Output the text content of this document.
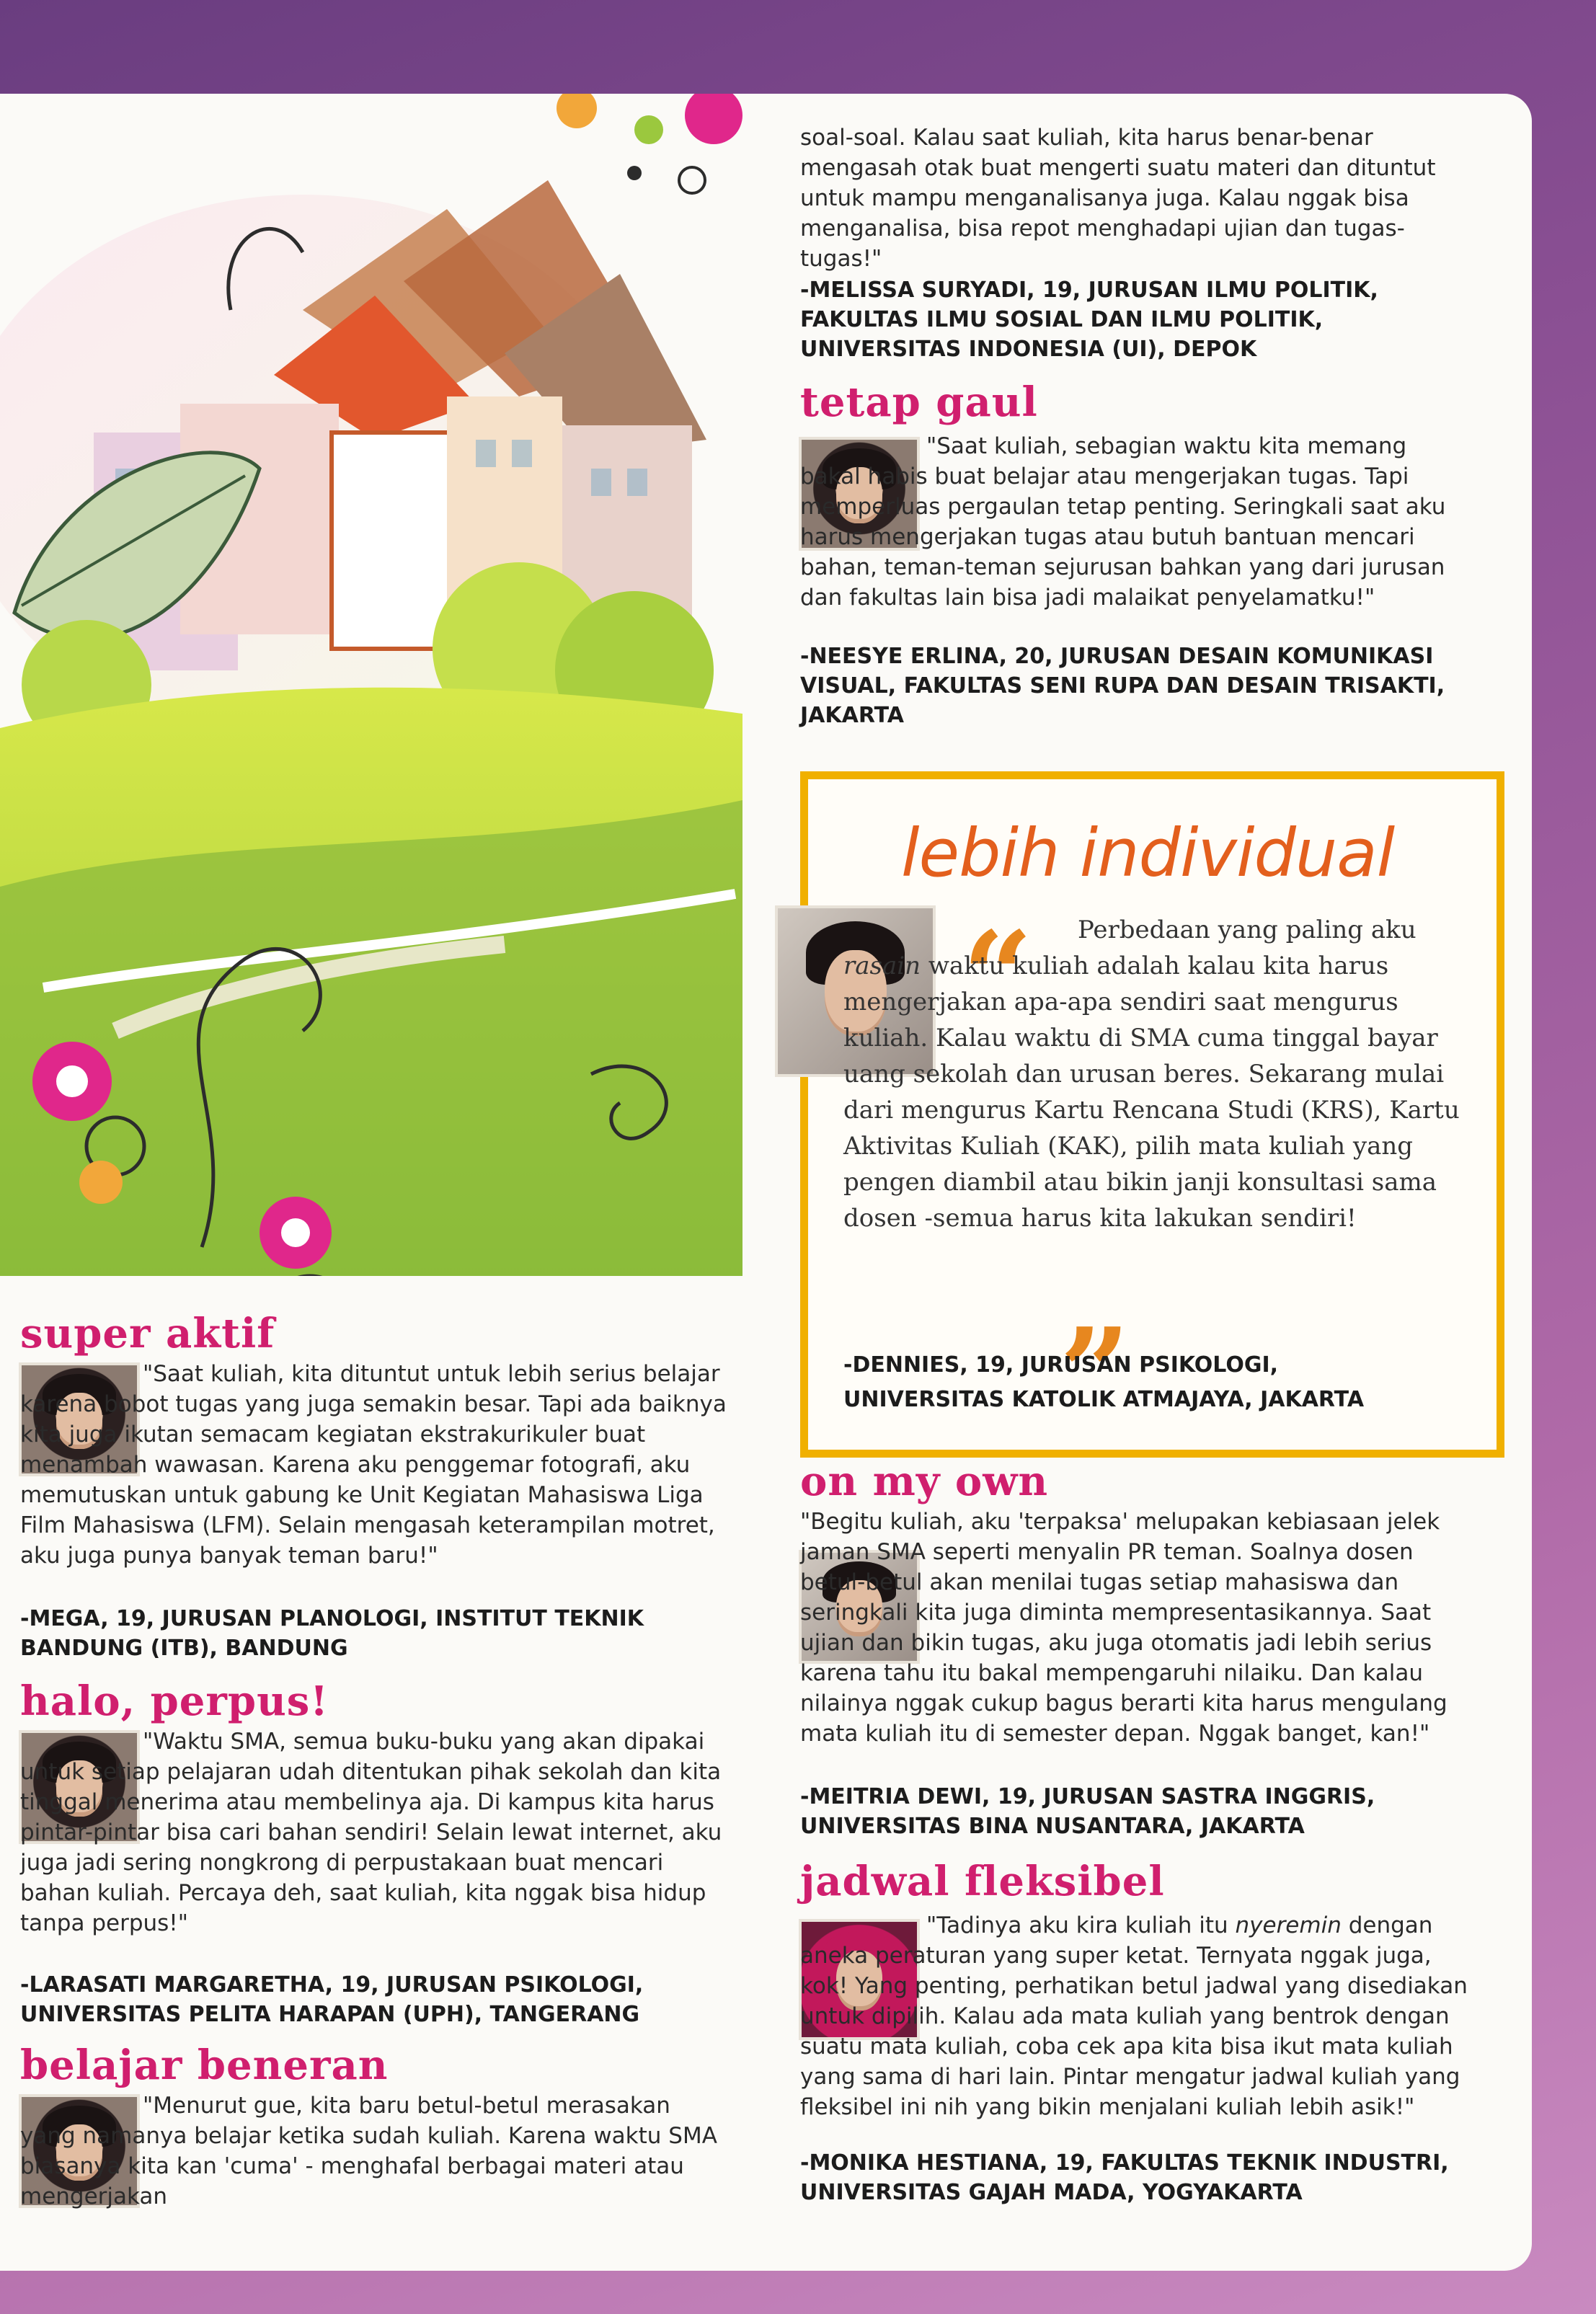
soal-soal. Kalau saat kuliah, kita harus benar-benar mengasah otak buat mengerti suatu materi dan dituntut untuk mampu menganalisanya juga. Kalau nggak bisa menganalisa, bisa repot menghadapi ujian dan tugas-tugas!"

-MELISSA SURYADI, 19, JURUSAN ILMU POLITIK, FAKULTAS ILMU SOSIAL DAN ILMU POLITIK, UNIVERSITAS INDONESIA (UI), DEPOK

tetap gaul

"Saat kuliah, sebagian waktu kita memang bakal habis buat belajar atau mengerjakan tugas. Tapi memperluas pergaulan tetap penting. Seringkali saat aku harus mengerjakan tugas atau butuh bantuan mencari bahan, teman-teman sejurusan bahkan yang dari jurusan dan fakultas lain bisa jadi malaikat penyelamatku!"

-NEESYE ERLINA, 20, JURUSAN DESAIN KOMUNIKASI VISUAL, FAKULTAS SENI RUPA DAN DESAIN TRISAKTI, JAKARTA

lebih individual
“	Perbedaan yang paling aku rasain waktu kuliah adalah kalau kita harus mengerjakan apa-apa sendiri saat mengurus kuliah. Kalau waktu di SMA cuma tinggal bayar uang sekolah dan urusan beres. Sekarang mulai dari mengurus Kartu Rencana Studi (KRS), Kartu Aktivitas Kuliah (KAK), pilih mata kuliah yang pengen diambil atau bikin janji konsultasi sama dosen -semua harus kita lakukan sendiri!

”

-DENNIES, 19, JURUSAN PSIKOLOGI, UNIVERSITAS KATOLIK ATMAJAYA, JAKARTA

on my own

"Begitu kuliah, aku 'terpaksa' melupakan kebiasaan jelek jaman SMA seperti menyalin PR teman. Soalnya dosen betul-betul akan menilai tugas setiap mahasiswa dan seringkali kita juga diminta mempresentasikannya. Saat ujian dan bikin tugas, aku juga otomatis jadi lebih serius karena tahu itu bakal mempengaruhi nilaiku. Dan kalau nilainya nggak cukup bagus berarti kita harus mengulang mata kuliah itu di semester depan. Nggak banget, kan!"

-MEITRIA DEWI, 19, JURUSAN SASTRA INGGRIS, UNIVERSITAS BINA NUSANTARA, JAKARTA

jadwal fleksibel

"Tadinya aku kira kuliah itu nyeremin dengan aneka peraturan yang super ketat. Ternyata nggak juga, kok! Yang penting, perhatikan betul jadwal yang disediakan untuk dipilih. Kalau ada mata kuliah yang bentrok dengan suatu mata kuliah, coba cek apa kita bisa ikut mata kuliah yang sama di hari lain. Pintar mengatur jadwal kuliah yang fleksibel ini nih yang bikin menjalani kuliah lebih asik!"

-MONIKA HESTIANA, 19, FAKULTAS TEKNIK INDUSTRI, UNIVERSITAS GAJAH MADA, YOGYAKARTA

super aktif

"Saat kuliah, kita dituntut untuk lebih serius belajar karena bobot tugas yang juga semakin besar. Tapi ada baiknya kita juga ikutan semacam kegiatan ekstrakurikuler buat menambah wawasan. Karena aku penggemar fotografi, aku memutuskan untuk gabung ke Unit Kegiatan Mahasiswa Liga Film Mahasiswa (LFM). Selain mengasah keterampilan motret, aku juga punya banyak teman baru!"

-MEGA, 19, JURUSAN PLANOLOGI, INSTITUT TEKNIK BANDUNG (ITB), BANDUNG

halo, perpus!

"Waktu SMA, semua buku-buku yang akan dipakai untuk setiap pelajaran udah ditentukan pihak sekolah dan kita tinggal menerima atau membelinya aja. Di kampus kita harus pintar-pintar bisa cari bahan sendiri! Selain lewat internet, aku juga jadi sering nongkrong di perpustakaan buat mencari bahan kuliah. Percaya deh, saat kuliah, kita nggak bisa hidup tanpa perpus!"

-LARASATI MARGARETHA, 19, JURUSAN PSIKOLOGI, UNIVERSITAS PELITA HARAPAN (UPH), TANGERANG

belajar beneran

"Menurut gue, kita baru betul-betul merasakan yang namanya belajar ketika sudah kuliah. Karena waktu SMA biasanya kita kan 'cuma' - menghafal berbagai materi atau mengerjakan
